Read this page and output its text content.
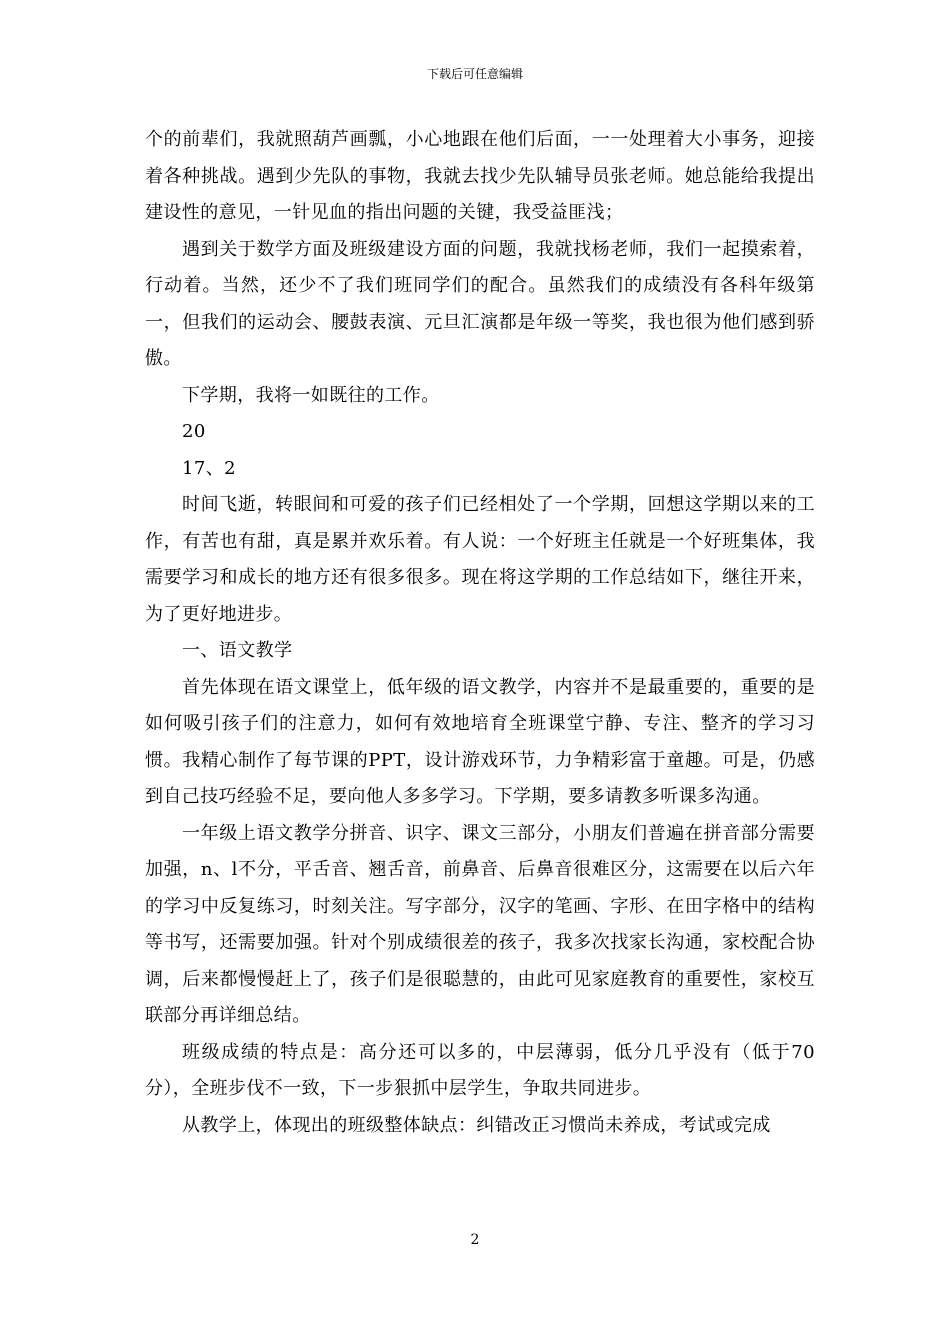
下载后可任意编辑

个的前辈们，我就照葫芦画瓢，小心地跟在他们后面，一一处理着大小事务，迎接着各种挑战。遇到少先队的事物，我就去找少先队辅导员张老师。她总能给我提出建设性的意见，一针见血的指出问题的关键，我受益匪浅；

遇到关于数学方面及班级建设方面的问题，我就找杨老师，我们一起摸索着，行动着。当然，还少不了我们班同学们的配合。虽然我们的成绩没有各科年级第一，但我们的运动会、腰鼓表演、元旦汇演都是年级一等奖，我也很为他们感到骄傲。

下学期，我将一如既往的工作。

20

17、2

时间飞逝，转眼间和可爱的孩子们已经相处了一个学期，回想这学期以来的工作，有苦也有甜，真是累并欢乐着。有人说：一个好班主任就是一个好班集体，我需要学习和成长的地方还有很多很多。现在将这学期的工作总结如下，继往开来，为了更好地进步。

一、语文教学

首先体现在语文课堂上，低年级的语文教学，内容并不是最重要的，重要的是如何吸引孩子们的注意力，如何有效地培育全班课堂宁静、专注、整齐的学习习惯。我精心制作了每节课的PPT，设计游戏环节，力争精彩富于童趣。可是，仍感到自己技巧经验不足，要向他人多多学习。下学期，要多请教多听课多沟通。

一年级上语文教学分拼音、识字、课文三部分，小朋友们普遍在拼音部分需要加强，n、l不分，平舌音、翘舌音，前鼻音、后鼻音很难区分，这需要在以后六年的学习中反复练习，时刻关注。写字部分，汉字的笔画、字形、在田字格中的结构等书写，还需要加强。针对个别成绩很差的孩子，我多次找家长沟通，家校配合协调，后来都慢慢赶上了，孩子们是很聪慧的，由此可见家庭教育的重要性，家校互联部分再详细总结。

班级成绩的特点是：高分还可以多的，中层薄弱，低分几乎没有（低于70分），全班步伐不一致，下一步狠抓中层学生，争取共同进步。

从教学上，体现出的班级整体缺点：纠错改正习惯尚未养成，考试或完成

2
